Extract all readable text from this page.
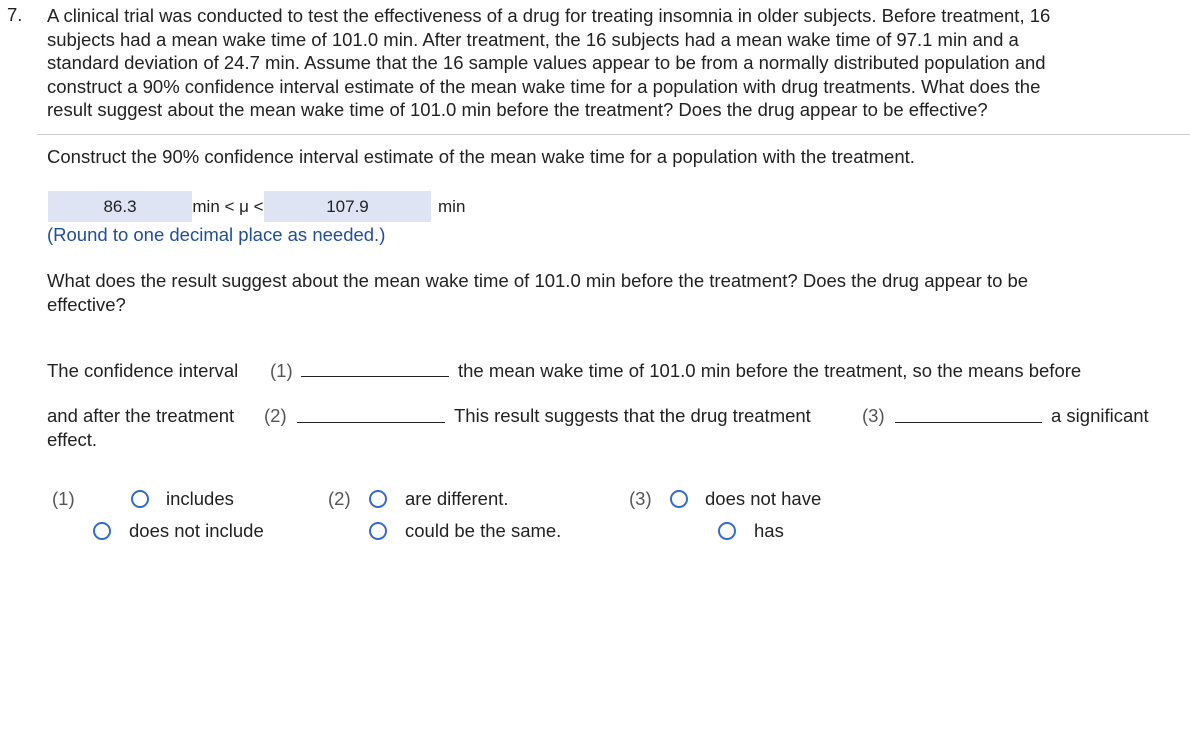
7. A clinical trial was conducted to test the effectiveness of a drug for treating insomnia in older subjects. Before treatment, 16
subjects had a mean wake time of 101.0 min. After treatment, the 16 subjects had a mean wake time of 97.1 min and a
standard deviation of 24.7 min. Assume that the 16 sample values appear to be from a normally distributed population and
construct a 90% confidence interval estimate of the mean wake time for a population with drug treatments. What does the
result suggest about the mean wake time of 101.0 min before the treatment? Does the drug appear to be effective?
Construct the 90% confidence interval estimate of the mean wake time for a population with the treatment.
86.3	min < μ <	107.9	min
(Round to one decimal place as needed.)
What does the result suggest about the mean wake time of 101.0 min before the treatment? Does the drug appear to be
effective?
The confidence interval (1)	the mean wake time of 101.0 min before the treatment, so the means before
and after the treatment (2)	This result suggests that the drug treatment	(3)	a significant
effect.
(1)	includes
does not include
(2)	are different.
could be the same.
(3)	does not have
has
